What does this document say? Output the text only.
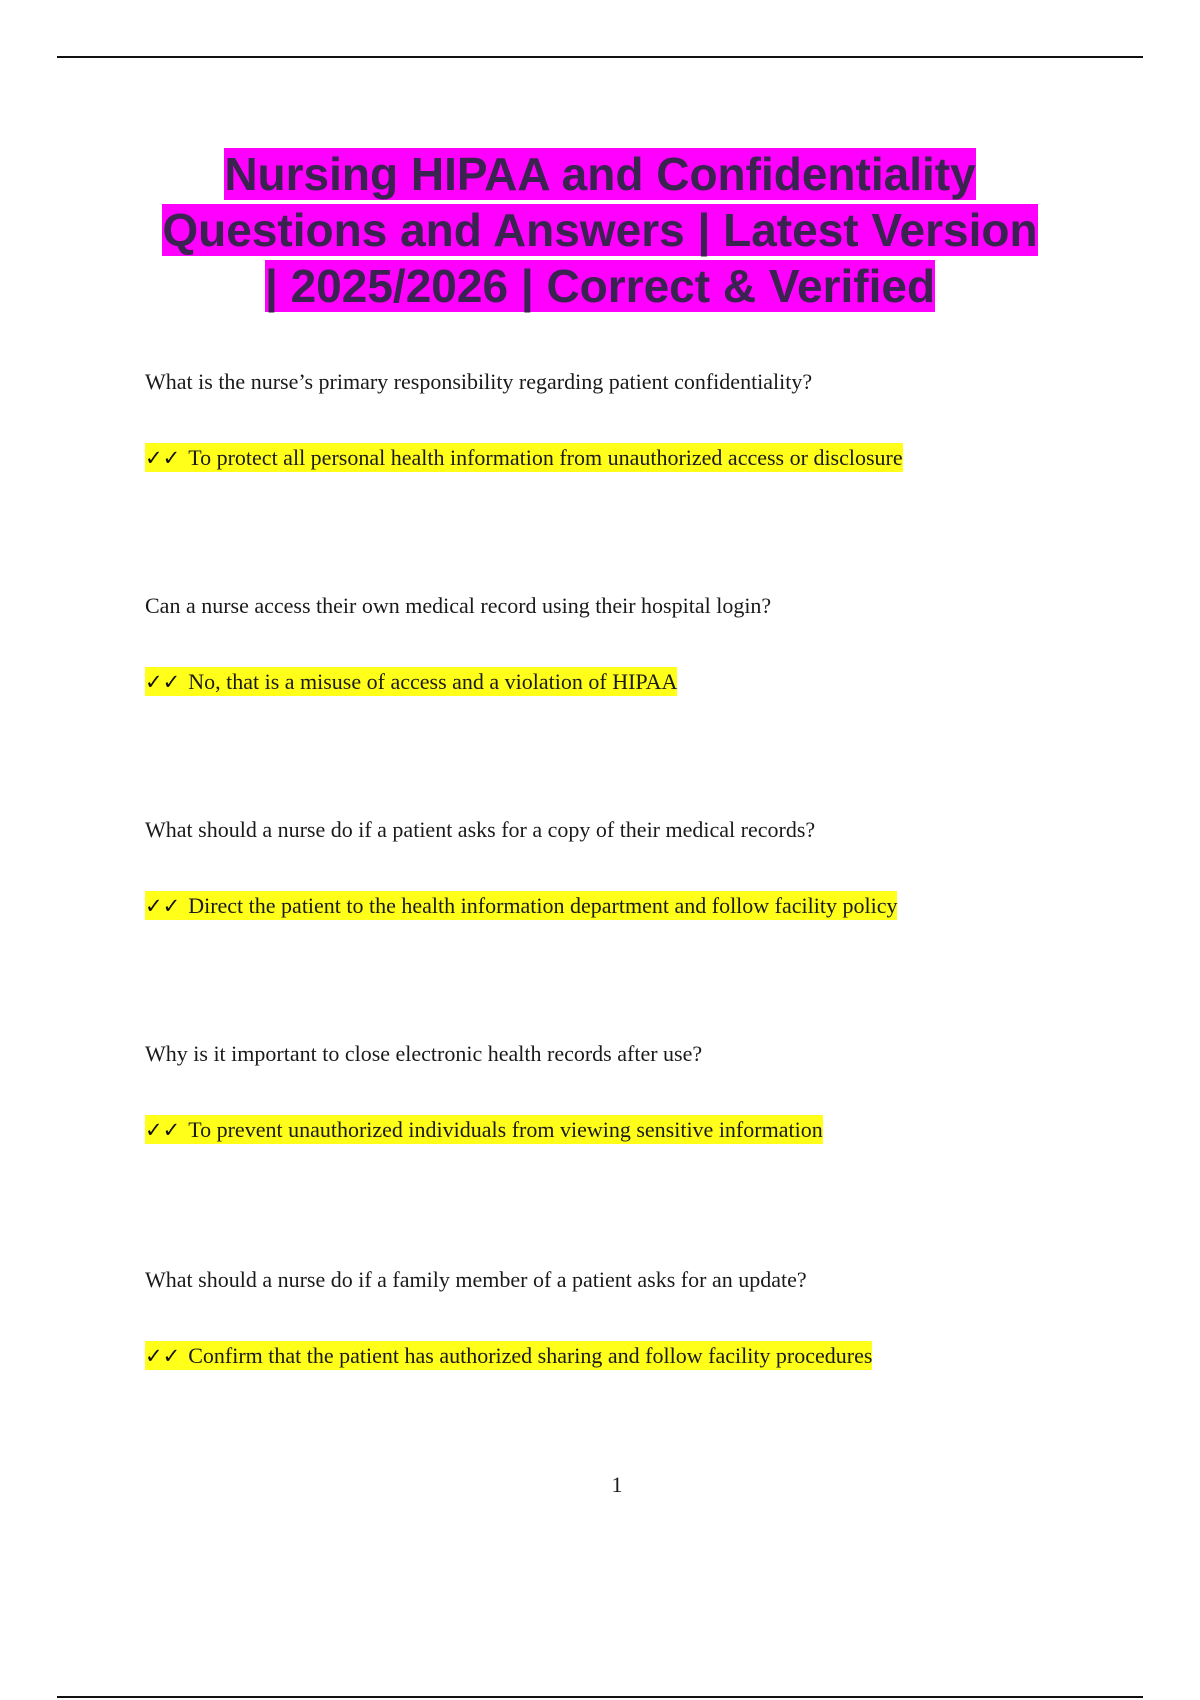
Nursing HIPAA and Confidentiality
Questions and Answers | Latest Version
| 2025/2026 | Correct & Verified
What is the nurse’s primary responsibility regarding patient confidentiality?
✓✓ To protect all personal health information from unauthorized access or disclosure
Can a nurse access their own medical record using their hospital login?
✓✓ No, that is a misuse of access and a violation of HIPAA
What should a nurse do if a patient asks for a copy of their medical records?
✓✓ Direct the patient to the health information department and follow facility policy
Why is it important to close electronic health records after use?
✓✓ To prevent unauthorized individuals from viewing sensitive information
What should a nurse do if a family member of a patient asks for an update?
✓✓ Confirm that the patient has authorized sharing and follow facility procedures
1
